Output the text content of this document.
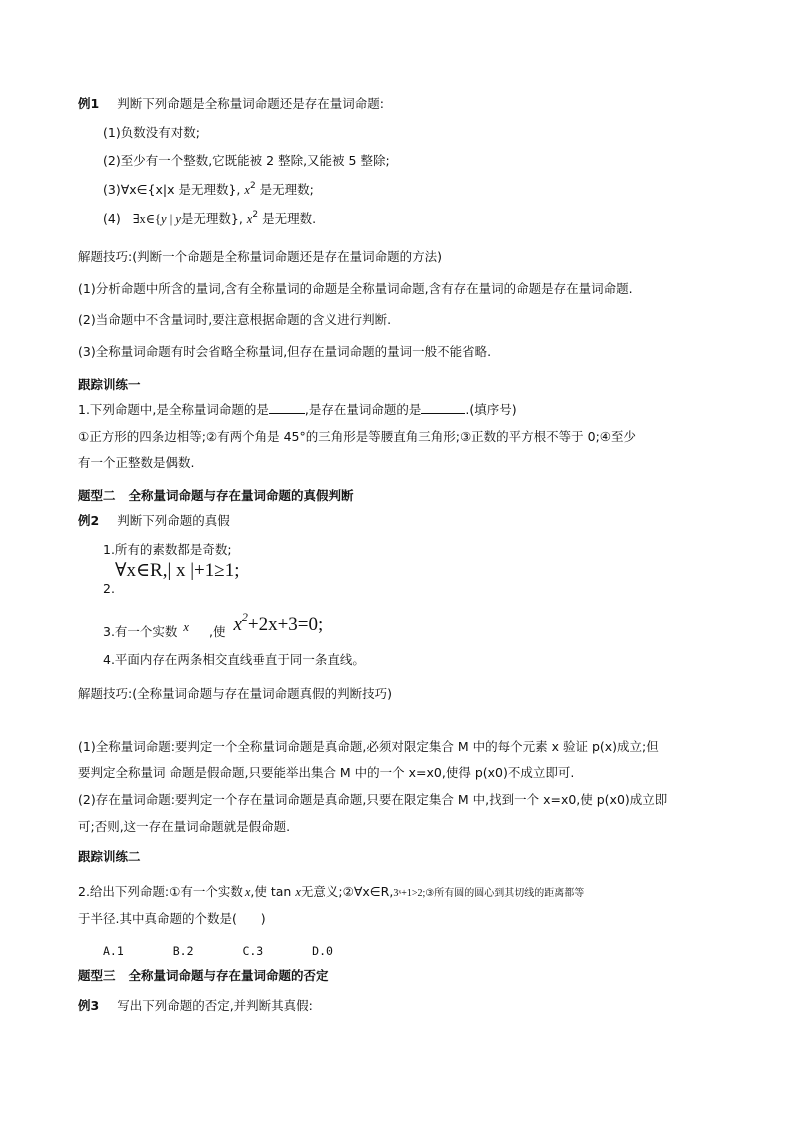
例1 判断下列命题是全称量词命题还是存在量词命题:
(1)负数没有对数;
(2)至少有一个整数,它既能被 2 整除,又能被 5 整除;
(3)∀x∈{x|x 是无理数}, $x^2$ 是无理数;
(4) ∃x∈{y | y是无理数}, $x^2$ 是无理数.
解题技巧:(判断一个命题是全称量词命题还是存在量词命题的方法)
(1)分析命题中所含的量词,含有全称量词的命题是全称量词命题,含有存在量词的命题是存在量词命题.
(2)当命题中不含量词时,要注意根据命题的含义进行判断.
(3)全称量词命题有时会省略全称量词,但存在量词命题的量词一般不能省略.
跟踪训练一
1.下列命题中,是全称量词命题的是	,是存在量词命题的是	.(填序号)
①正方形的四条边相等;②有两个角是 45°的三角形是等腰直角三角形;③正数的平方根不等于 0;④至少
有一个正整数是偶数.
题型二   全称量词命题与存在量词命题的真假判断
例2 判断下列命题的真假
1.所有的素数都是奇数;
2.
∀x∈R,| x |+1≥1;
3.有一个实数 x ,使 $x^2+2x+3=0$;
4.平面内存在两条相交直线垂直于同一条直线。
解题技巧:(全称量词命题与存在量词命题真假的判断技巧)
(1)全称量词命题:要判定一个全称量词命题是真命题,必须对限定集合 M 中的每个元素 x 验证 p(x)成立;但
要判定全称量词 命题是假命题,只要能举出集合 M 中的一个 x=x0,使得 p(x0)不成立即可.
(2)存在量词命题:要判定一个存在量词命题是真命题,只要在限定集合 M 中,找到一个 x=x0,使 p(x0)成立即
可;否则,这一存在量词命题就是假命题.
跟踪训练二
2.给出下列命题:①有一个实数 x,使 tan x无意义;②∀x∈R,3ˣ+1>2;③所有圆的圆心到其切线的距离都等
于半径.其中真命题的个数是(      )
A.1	B.2	C.3	D.0
题型三   全称量词命题与存在量词命题的否定
例3 写出下列命题的否定,并判断其真假:
